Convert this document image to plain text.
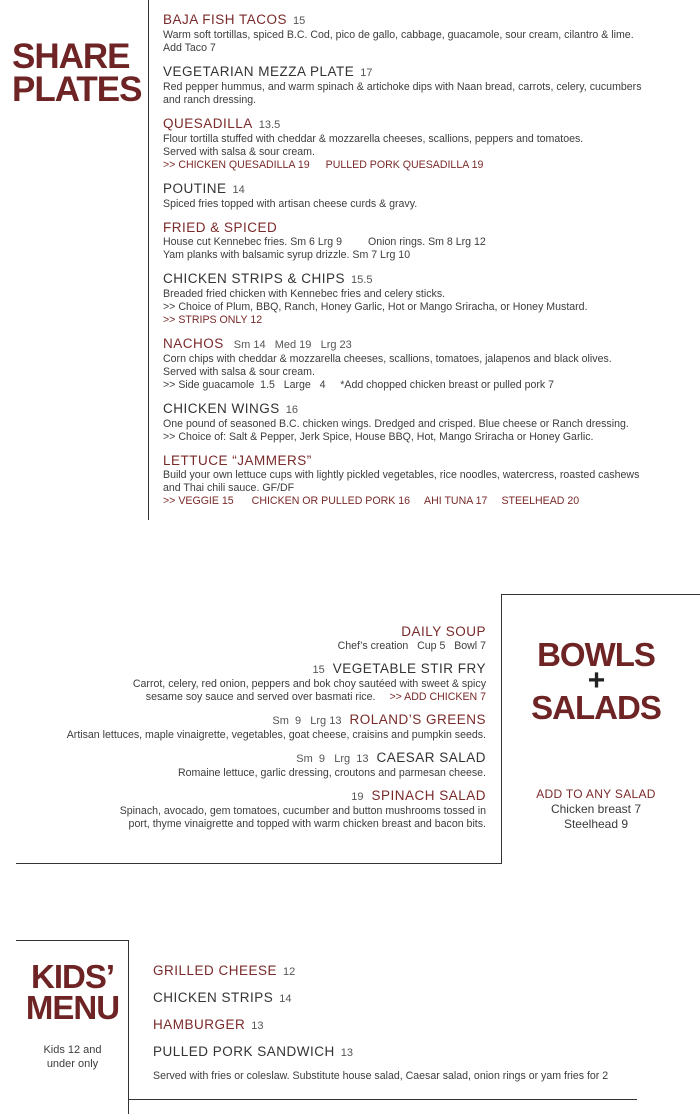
SHARE
PLATES
BAJA FISH TACOS 15
Warm soft tortillas, spiced B.C. Cod, pico de gallo, cabbage, guacamole, sour cream, cilantro & lime.
Add Taco 7
VEGETARIAN MEZZA PLATE 17
Red pepper hummus, and warm spinach & artichoke dips with Naan bread, carrots, celery, cucumbers
and ranch dressing.
QUESADILLA 13.5
Flour tortilla stuffed with cheddar & mozzarella cheeses, scallions, peppers and tomatoes.
Served with salsa & sour cream.
>> CHICKEN QUESADILLA 19 PULLED PORK QUESADILLA 19
POUTINE 14
Spiced fries topped with artisan cheese curds & gravy.
FRIED & SPICED
House cut Kennebec fries. Sm 6 Lrg 9 Onion rings. Sm 8 Lrg 12
Yam planks with balsamic syrup drizzle. Sm 7 Lrg 10
CHICKEN STRIPS & CHIPS 15.5
Breaded fried chicken with Kennebec fries and celery sticks.
>> Choice of Plum, BBQ, Ranch, Honey Garlic, Hot or Mango Sriracha, or Honey Mustard.
>> STRIPS ONLY 12
NACHOS Sm 14   Med 19   Lrg 23
Corn chips with cheddar & mozzarella cheeses, scallions, tomatoes, jalapenos and black olives.
Served with salsa & sour cream.
>> Side guacamole  1.5   Large   4     *Add chopped chicken breast or pulled pork 7
CHICKEN WINGS 16
One pound of seasoned B.C. chicken wings. Dredged and crisped. Blue cheese or Ranch dressing.
>> Choice of: Salt & Pepper, Jerk Spice, House BBQ, Hot, Mango Sriracha or Honey Garlic.
LETTUCE “JAMMERS”
Build your own lettuce cups with lightly pickled vegetables, rice noodles, watercress, roasted cashews
and Thai chili sauce. GF/DF
>> VEGGIE 15 CHICKEN OR PULLED PORK 16 AHI TUNA 17 STEELHEAD 20
DAILY SOUP
Chef’s creation   Cup 5   Bowl 7
15 VEGETABLE STIR FRY
Carrot, celery, red onion, peppers and bok choy sautéed with sweet & spicy
sesame soy sauce and served over basmati rice. >> ADD CHICKEN 7
Sm  9   Lrg 13 ROLAND’S GREENS
Artisan lettuces, maple vinaigrette, vegetables, goat cheese, craisins and pumpkin seeds.
Sm  9   Lrg  13 CAESAR SALAD
Romaine lettuce, garlic dressing, croutons and parmesan cheese.
19 SPINACH SALAD
Spinach, avocado, gem tomatoes, cucumber and button mushrooms tossed in
port, thyme vinaigrette and topped with warm chicken breast and bacon bits.
BOWLS
+
SALADS
ADD TO ANY SALAD
Chicken breast 7
Steelhead 9
KIDS’
MENU
Kids 12 and
under only
GRILLED CHEESE 12
CHICKEN STRIPS 14
HAMBURGER 13
PULLED PORK SANDWICH 13
Served with fries or coleslaw. Substitute house salad, Caesar salad, onion rings or yam fries for 2
